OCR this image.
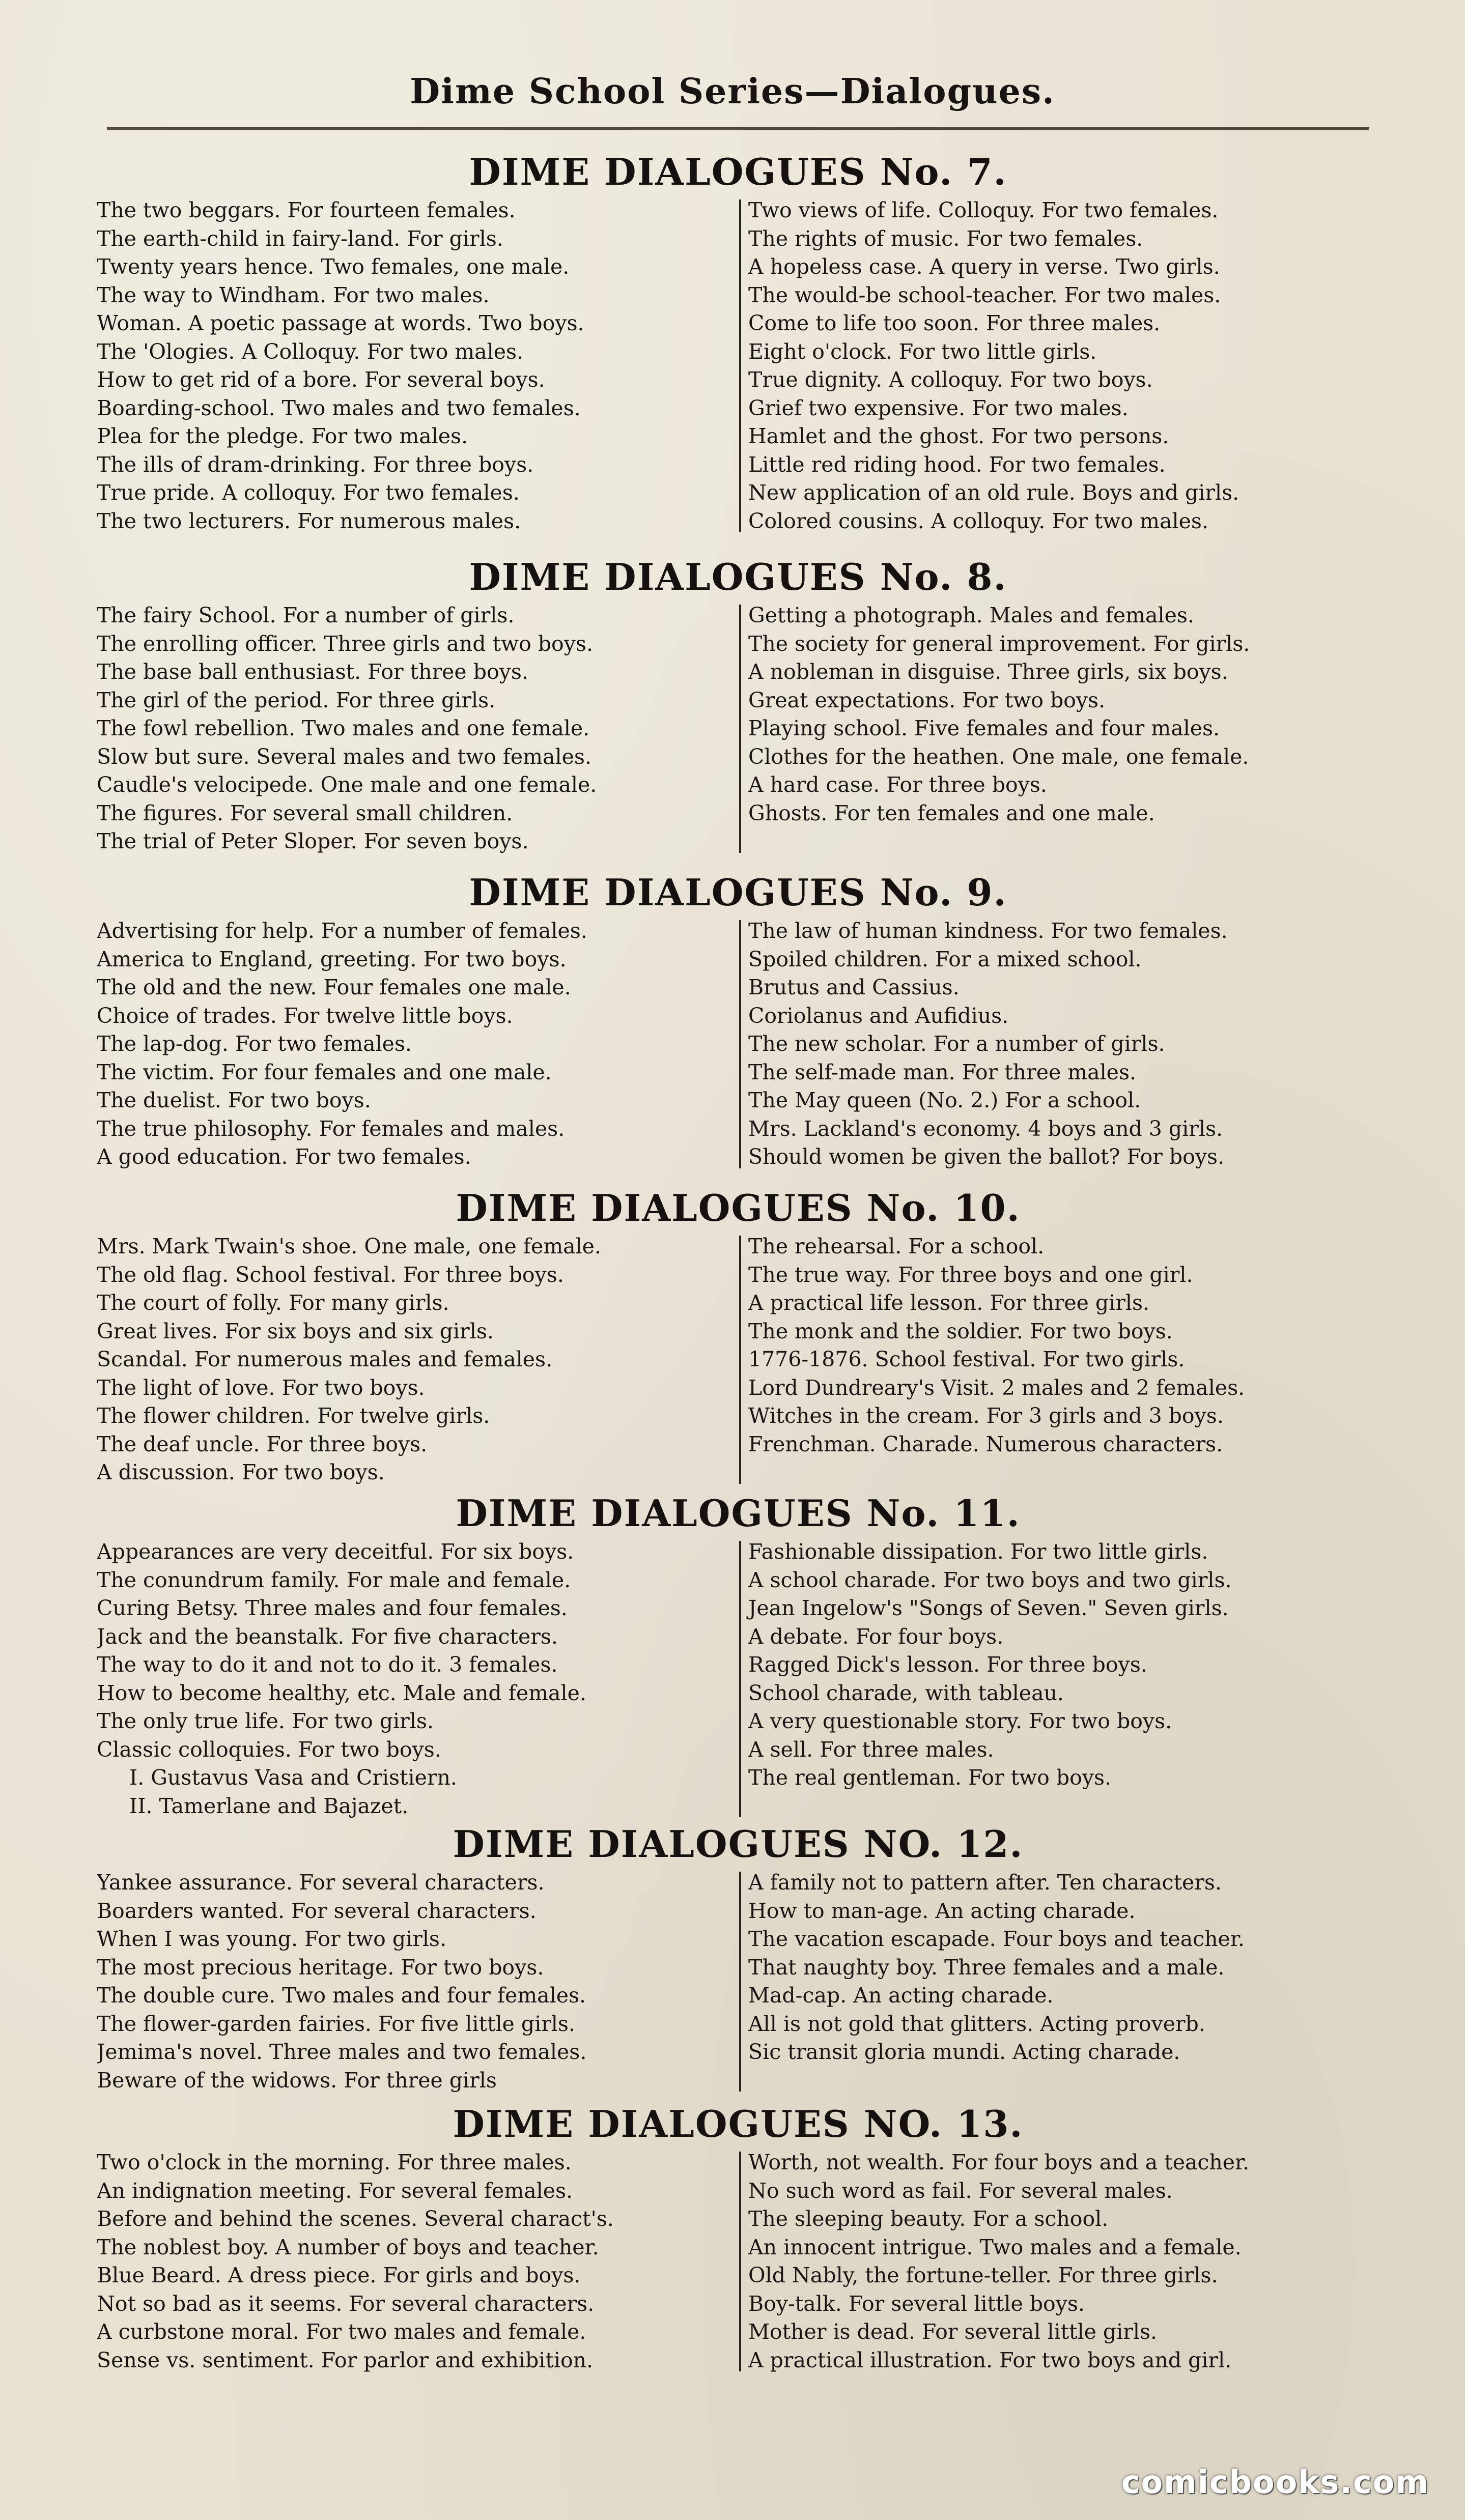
Dime School Series—Dialogues.
DIME DIALOGUES No. 7.
The two beggars. For fourteen females.
The earth-child in fairy-land. For girls.
Twenty years hence. Two females, one male.
The way to Windham. For two males.
Woman. A poetic passage at words. Two boys.
The 'Ologies. A Colloquy. For two males.
How to get rid of a bore. For several boys.
Boarding-school. Two males and two females.
Plea for the pledge. For two males.
The ills of dram-drinking. For three boys.
True pride. A colloquy. For two females.
The two lecturers. For numerous males.
Two views of life. Colloquy. For two females.
The rights of music. For two females.
A hopeless case. A query in verse. Two girls.
The would-be school-teacher. For two males.
Come to life too soon. For three males.
Eight o'clock. For two little girls.
True dignity. A colloquy. For two boys.
Grief two expensive. For two males.
Hamlet and the ghost. For two persons.
Little red riding hood. For two females.
New application of an old rule. Boys and girls.
Colored cousins. A colloquy. For two males.
DIME DIALOGUES No. 8.
The fairy School. For a number of girls.
The enrolling officer. Three girls and two boys.
The base ball enthusiast. For three boys.
The girl of the period. For three girls.
The fowl rebellion. Two males and one female.
Slow but sure. Several males and two females.
Caudle's velocipede. One male and one female.
The figures. For several small children.
The trial of Peter Sloper. For seven boys.
Getting a photograph. Males and females.
The society for general improvement. For girls.
A nobleman in disguise. Three girls, six boys.
Great expectations. For two boys.
Playing school. Five females and four males.
Clothes for the heathen. One male, one female.
A hard case. For three boys.
Ghosts. For ten females and one male.
DIME DIALOGUES No. 9.
Advertising for help. For a number of females.
America to England, greeting. For two boys.
The old and the new. Four females one male.
Choice of trades. For twelve little boys.
The lap-dog. For two females.
The victim. For four females and one male.
The duelist. For two boys.
The true philosophy. For females and males.
A good education. For two females.
The law of human kindness. For two females.
Spoiled children. For a mixed school.
Brutus and Cassius.
Coriolanus and Aufidius.
The new scholar. For a number of girls.
The self-made man. For three males.
The May queen (No. 2.) For a school.
Mrs. Lackland's economy. 4 boys and 3 girls.
Should women be given the ballot? For boys.
DIME DIALOGUES No. 10.
Mrs. Mark Twain's shoe. One male, one female.
The old flag. School festival. For three boys.
The court of folly. For many girls.
Great lives. For six boys and six girls.
Scandal. For numerous males and females.
The light of love. For two boys.
The flower children. For twelve girls.
The deaf uncle. For three boys.
A discussion. For two boys.
The rehearsal. For a school.
The true way. For three boys and one girl.
A practical life lesson. For three girls.
The monk and the soldier. For two boys.
1776-1876. School festival. For two girls.
Lord Dundreary's Visit. 2 males and 2 females.
Witches in the cream. For 3 girls and 3 boys.
Frenchman. Charade. Numerous characters.
DIME DIALOGUES No. 11.
Appearances are very deceitful. For six boys.
The conundrum family. For male and female.
Curing Betsy. Three males and four females.
Jack and the beanstalk. For five characters.
The way to do it and not to do it. 3 females.
How to become healthy, etc. Male and female.
The only true life. For two girls.
Classic colloquies. For two boys.
I. Gustavus Vasa and Cristiern.
II. Tamerlane and Bajazet.
Fashionable dissipation. For two little girls.
A school charade. For two boys and two girls.
Jean Ingelow's "Songs of Seven." Seven girls.
A debate. For four boys.
Ragged Dick's lesson. For three boys.
School charade, with tableau.
A very questionable story. For two boys.
A sell. For three males.
The real gentleman. For two boys.
DIME DIALOGUES NO. 12.
Yankee assurance. For several characters.
Boarders wanted. For several characters.
When I was young. For two girls.
The most precious heritage. For two boys.
The double cure. Two males and four females.
The flower-garden fairies. For five little girls.
Jemima's novel. Three males and two females.
Beware of the widows. For three girls
A family not to pattern after. Ten characters.
How to man-age. An acting charade.
The vacation escapade. Four boys and teacher.
That naughty boy. Three females and a male.
Mad-cap. An acting charade.
All is not gold that glitters. Acting proverb.
Sic transit gloria mundi. Acting charade.
DIME DIALOGUES NO. 13.
Two o'clock in the morning. For three males.
An indignation meeting. For several females.
Before and behind the scenes. Several charact's.
The noblest boy. A number of boys and teacher.
Blue Beard. A dress piece. For girls and boys.
Not so bad as it seems. For several characters.
A curbstone moral. For two males and female.
Sense vs. sentiment. For parlor and exhibition.
Worth, not wealth. For four boys and a teacher.
No such word as fail. For several males.
The sleeping beauty. For a school.
An innocent intrigue. Two males and a female.
Old Nably, the fortune-teller. For three girls.
Boy-talk. For several little boys.
Mother is dead. For several little girls.
A practical illustration. For two boys and girl.
comicbooks.com
